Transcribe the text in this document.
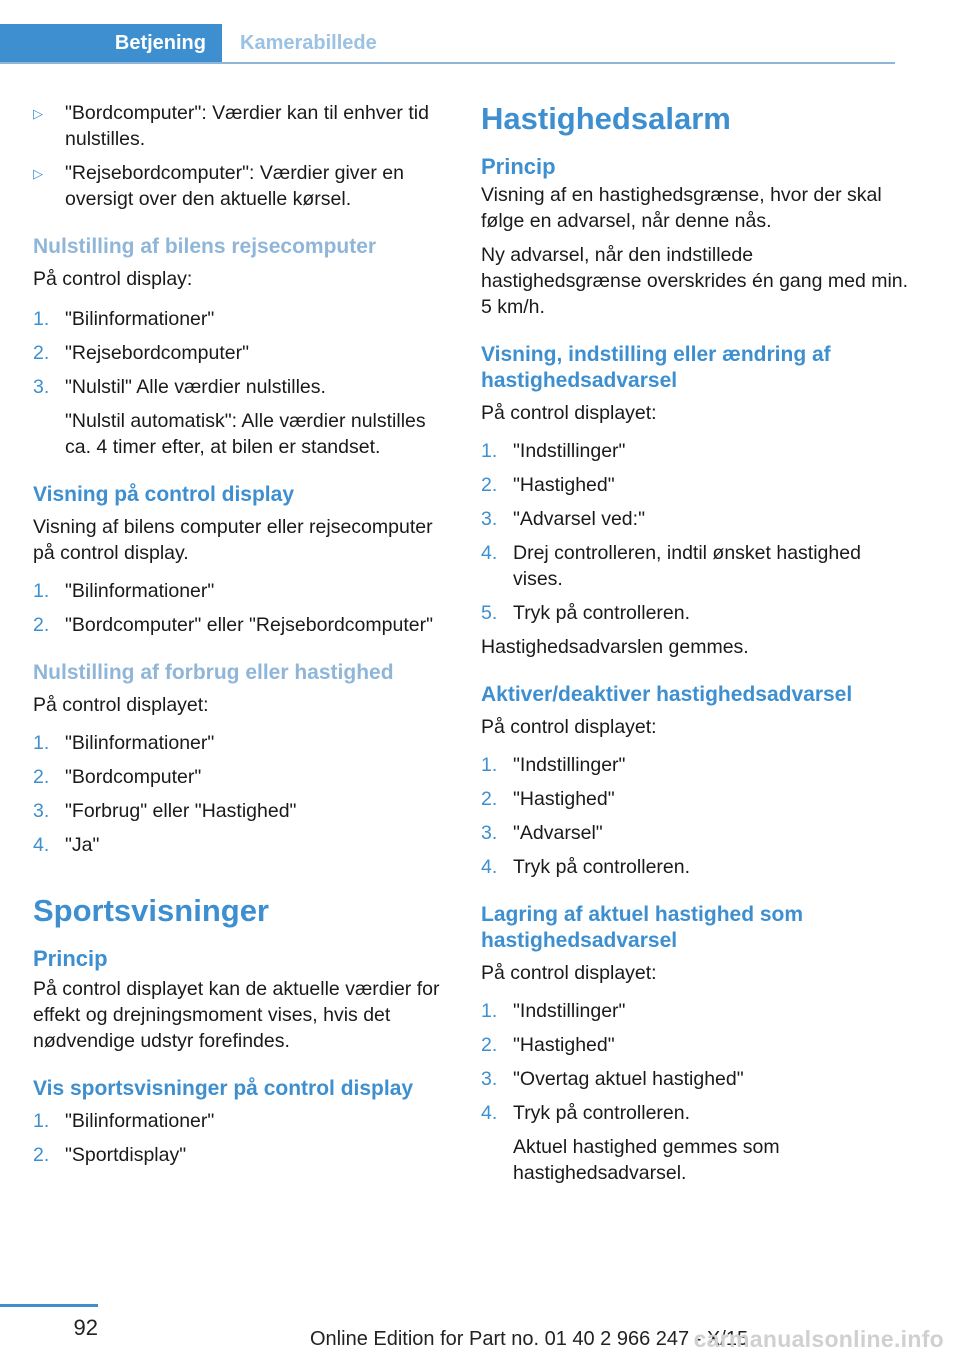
Betjening	Kamerabillede
▷	"Bordcomputer": Værdier kan til enhver tid nulstilles.
▷	"Rejsebordcomputer": Værdier giver en oversigt over den aktuelle kørsel.

Nulstilling af bilens rejsecomputer

På control display:

1. "Bilinformationer"
2. "Rejsebordcomputer"
3. "Nulstil" Alle værdier nulstilles.
"Nulstil automatisk": Alle værdier nulstilles ca. 4 timer efter, at bilen er standset.

Visning på control display

Visning af bilens computer eller rejsecomputer på control display.

1. "Bilinformationer"
2. "Bordcomputer" eller "Rejsebordcomputer"

Nulstilling af forbrug eller hastighed

På control displayet:

1. "Bilinformationer"
2. "Bordcomputer"
3. "Forbrug" eller "Hastighed"
4. "Ja"

Sportsvisninger

Princip

På control displayet kan de aktuelle værdier for effekt og drejningsmoment vises, hvis det nødvendige udstyr forefindes.

Vis sportsvisninger på control display

1. "Bilinformationer"
2. "Sportdisplay"

Hastighedsalarm

Princip

Visning af en hastighedsgrænse, hvor der skal følge en advarsel, når denne nås.

Ny advarsel, når den indstillede hastighedsgrænse overskrides én gang med min. 5 km/h.

Visning, indstilling eller ændring af hastighedsadvarsel

På control displayet:

1. "Indstillinger"
2. "Hastighed"
3. "Advarsel ved:"
4. Drej controlleren, indtil ønsket hastighed vises.
5. Tryk på controlleren.

Hastighedsadvarslen gemmes.

Aktiver/deaktiver hastighedsadvarsel

På control displayet:

1. "Indstillinger"
2. "Hastighed"
3. "Advarsel"
4. Tryk på controlleren.

Lagring af aktuel hastighed som hastighedsadvarsel

På control displayet:

1. "Indstillinger"
2. "Hastighed"
3. "Overtag aktuel hastighed"
4. Tryk på controlleren.
Aktuel hastighed gemmes som hastighedsadvarsel.
92	Online Edition for Part no. 01 40 2 966 247 - X/15
carmanualsonline.info
